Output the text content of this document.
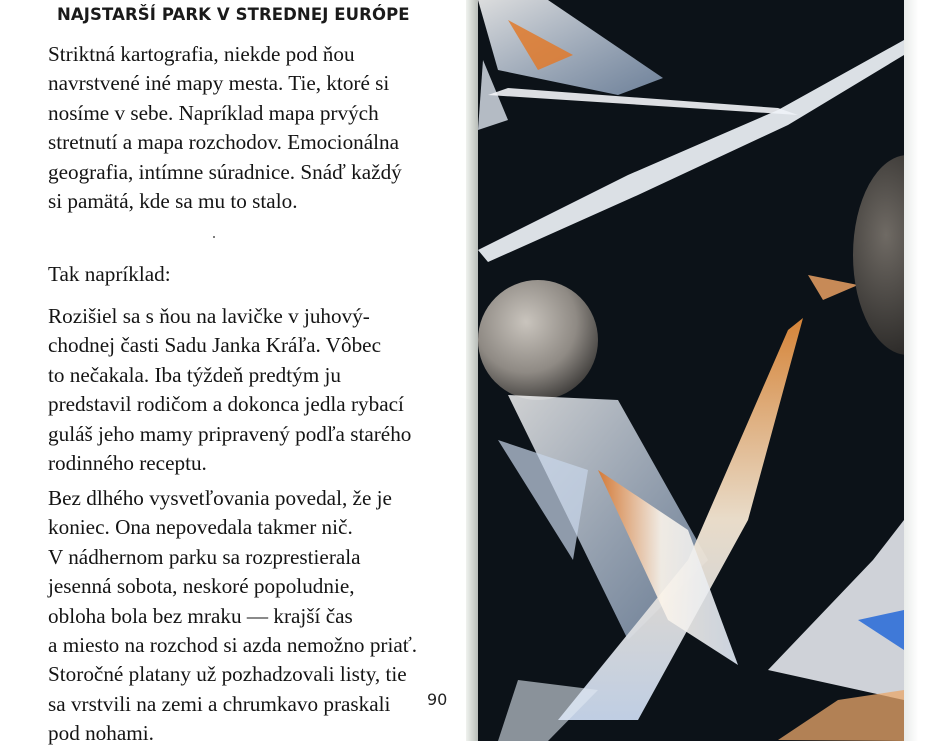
NAJSTARŠÍ PARK V STREDNEJ EURÓPE

Striktná kartografia, niekde pod ňou
navrstvené iné mapy mesta. Tie, ktoré si
nosíme v sebe. Napríklad mapa prvých
stretnutí a mapa rozchodov. Emocionálna
geografia, intímne súradnice. Snáď každý
si pamätá, kde sa mu to stalo.

Tak napríklad:

Rozišiel sa s ňou na lavičke v juhový-
chodnej časti Sadu Janka Kráľa. Vôbec
to nečakala. Iba týždeň predtým ju
predstavil rodičom a dokonca jedla rybací
guláš jeho mamy pripravený podľa starého
rodinného receptu.

Bez dlhého vysvetľovania povedal, že je
koniec. Ona nepovedala takmer nič.
V nádhernom parku sa rozprestierala
jesenná sobota, neskoré popoludnie,
obloha bola bez mraku — krajší čas
a miesto na rozchod si azda nemožno priať.
Storočné platany už pozhadzovali listy, tie
sa vrstvili na zemi a chrumkavo praskali
pod nohami.

90
